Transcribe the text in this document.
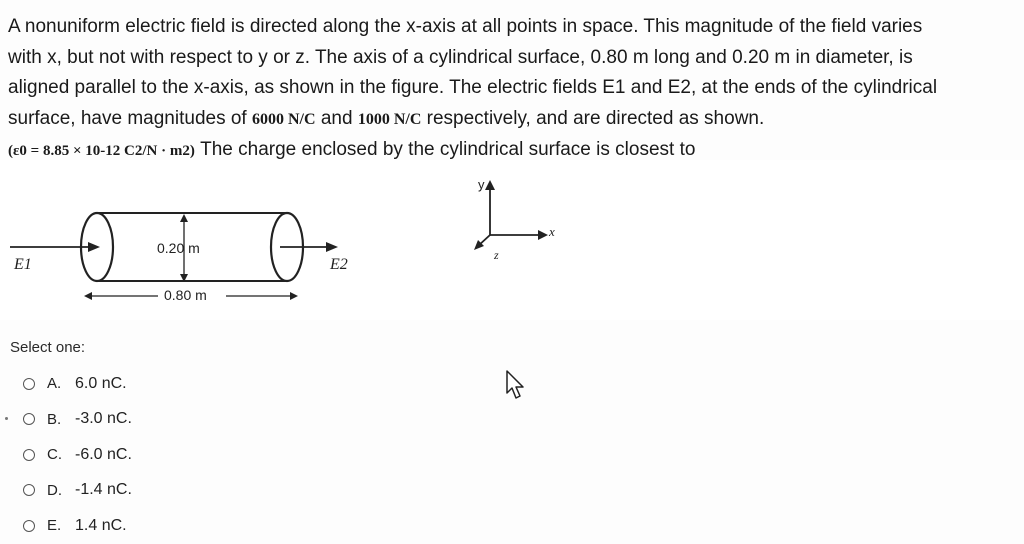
A nonuniform electric field is directed along the x-axis at all points in space. This magnitude of the field varies
with x, but not with respect to y or z. The axis of a cylindrical surface, 0.80 m long and 0.20 m in diameter, is
aligned parallel to the x-axis, as shown in the figure. The electric fields E1 and E2, at the ends of the cylindrical
surface, have magnitudes of 6000 N/C and 1000 N/C respectively, and are directed as shown.
(ε0 = 8.85 × 10-12 C2/N · m2) The charge enclosed by the cylindrical surface is closest to
E1	E2
0.20 m
0.80 m
y
x
z
Select one:
A. 6.0 nC.
B. -3.0 nC.
C. -6.0 nC.
D. -1.4 nC.
E. 1.4 nC.
